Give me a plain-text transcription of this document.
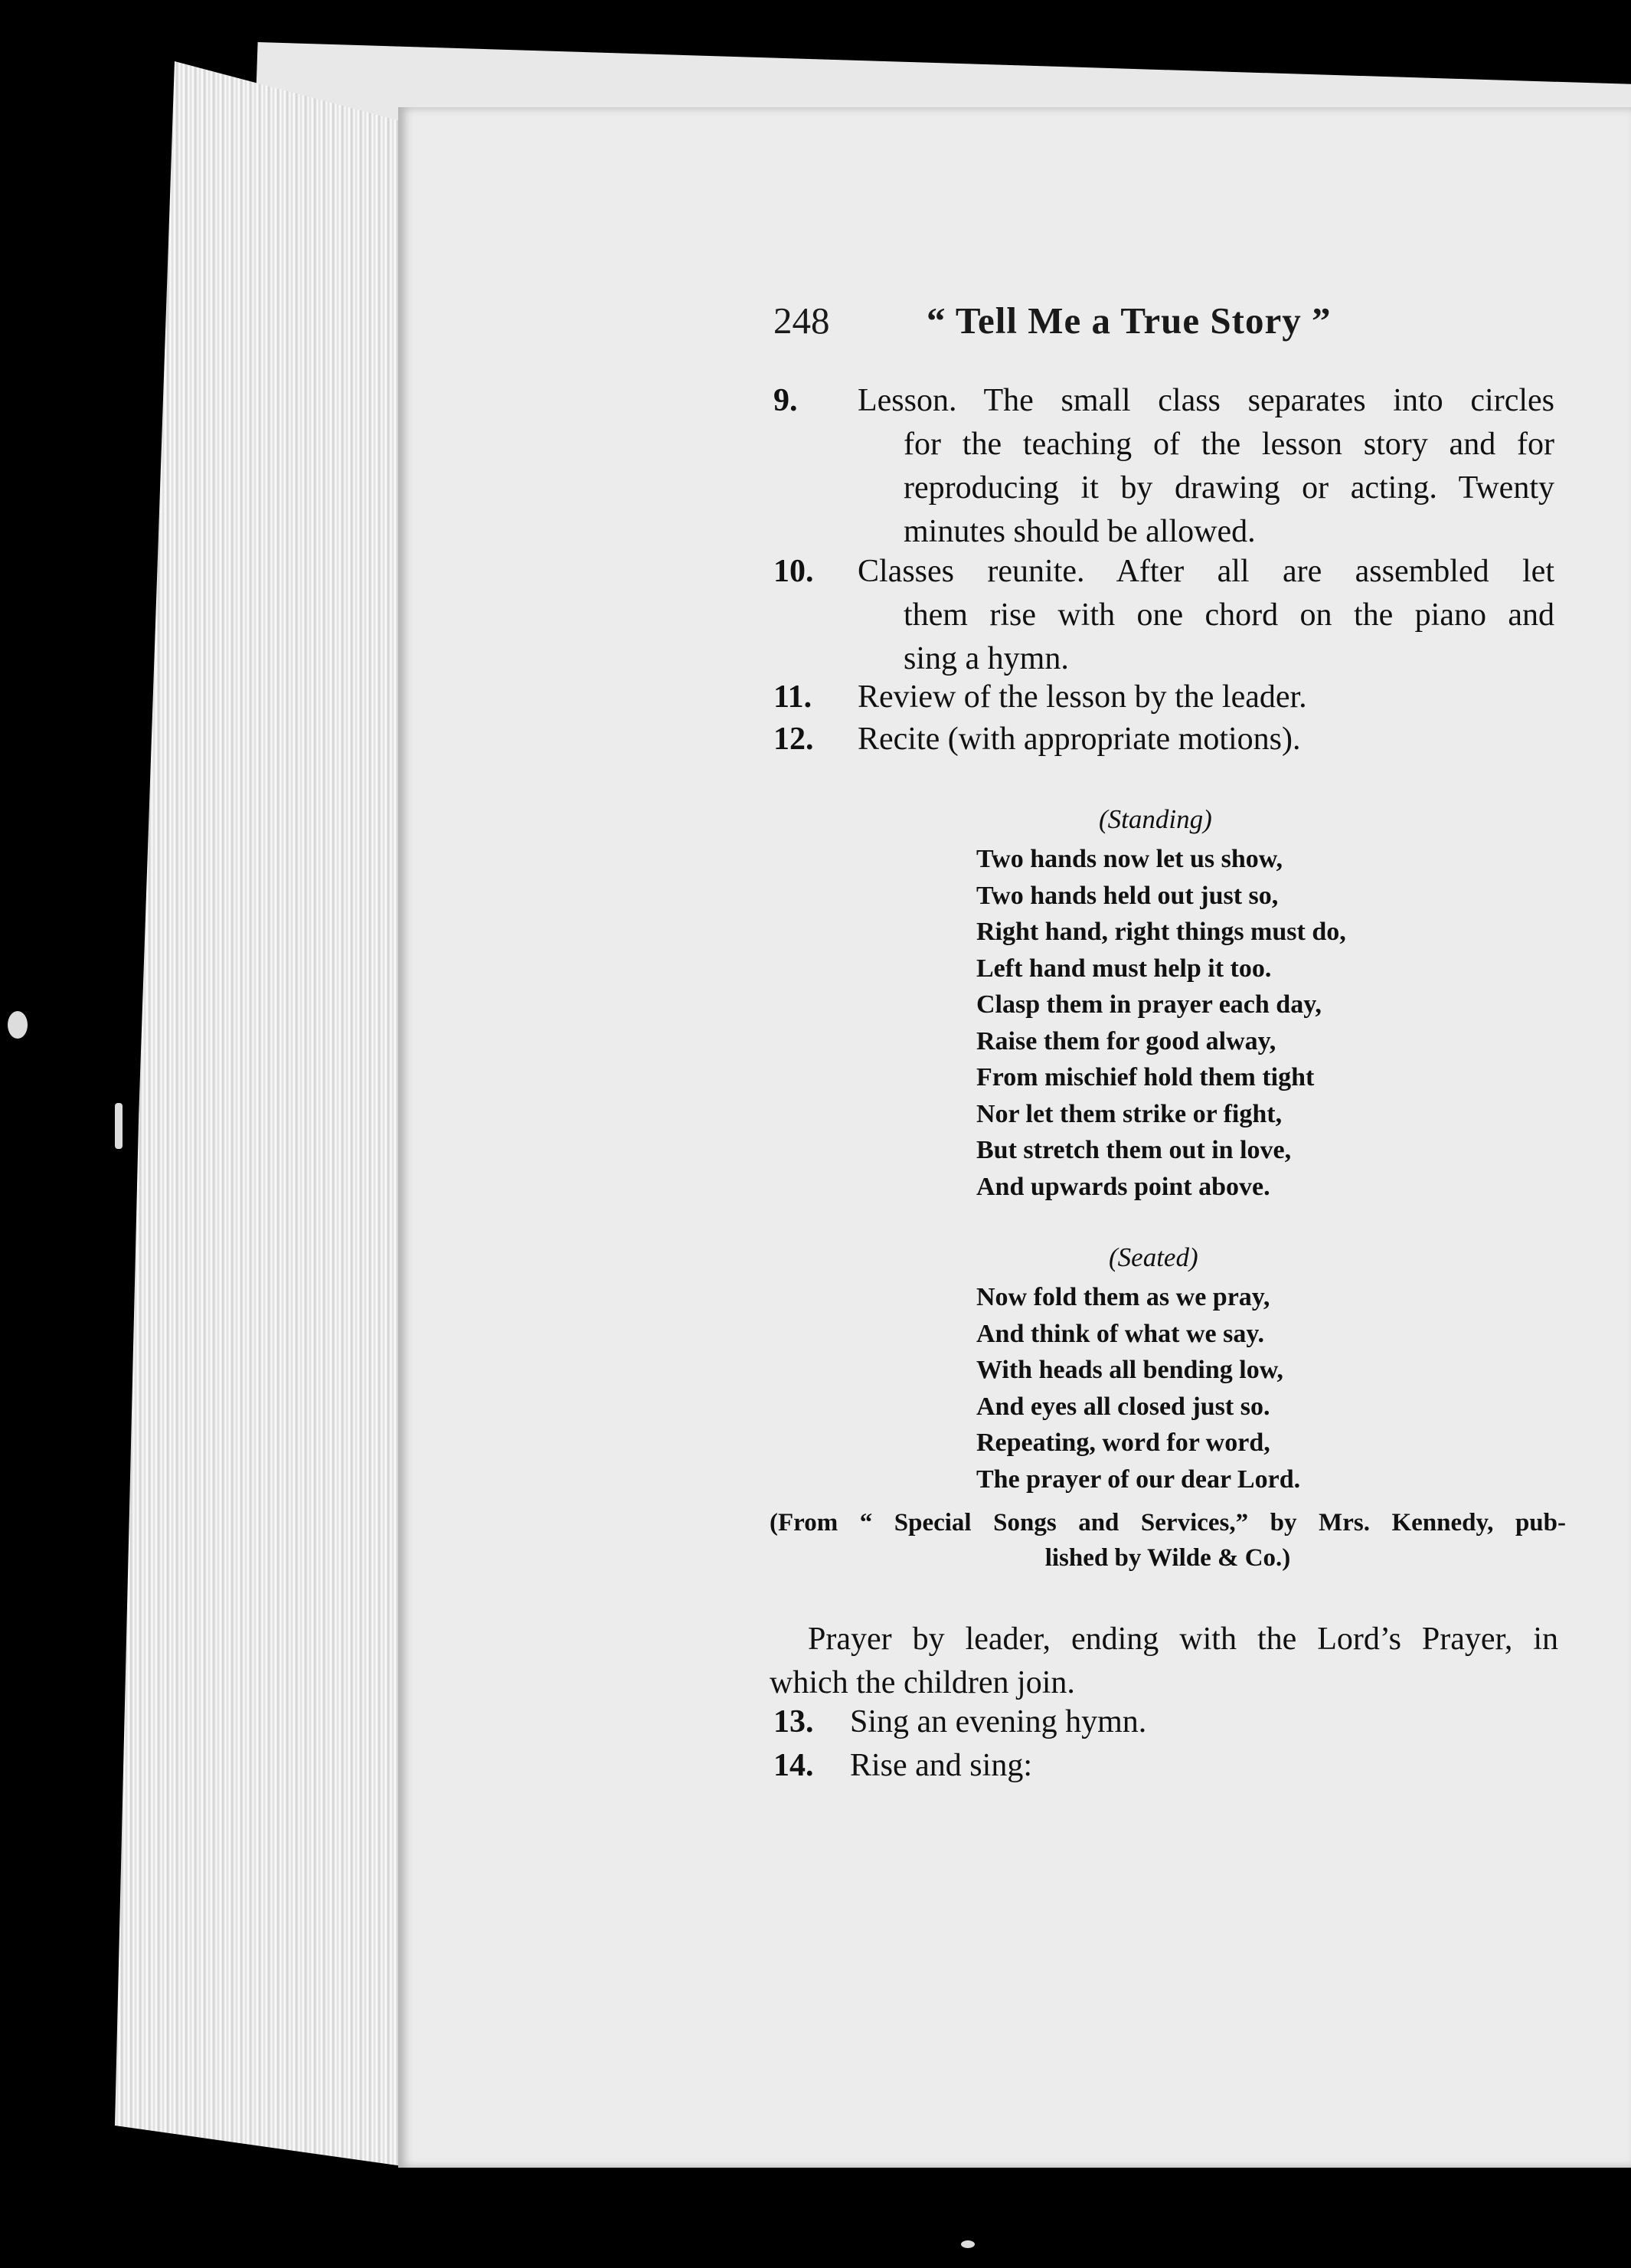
248	“ Tell Me a True Story ”
9.	Lesson. The small class separates into circles
for the teaching of the lesson story and for
reproducing it by drawing or acting. Twenty
minutes should be allowed.
10.	Classes reunite. After all are assembled let
them rise with one chord on the piano and
sing a hymn.
11.	Review of the lesson by the leader.
12.	Recite (with appropriate motions).
(Standing)
Two hands now let us show,
Two hands held out just so,
Right hand, right things must do,
Left hand must help it too.
Clasp them in prayer each day,
Raise them for good alway,
From mischief hold them tight
Nor let them strike or fight,
But stretch them out in love,
And upwards point above.
(Seated)
Now fold them as we pray,
And think of what we say.
With heads all bending low,
And eyes all closed just so.
Repeating, word for word,
The prayer of our dear Lord.
(From “ Special Songs and Services,” by Mrs. Kennedy, pub-
lished by Wilde & Co.)
Prayer by leader, ending with the Lord’s Prayer, in
which the children join.
13.	Sing an evening hymn.
14.	Rise and sing:
